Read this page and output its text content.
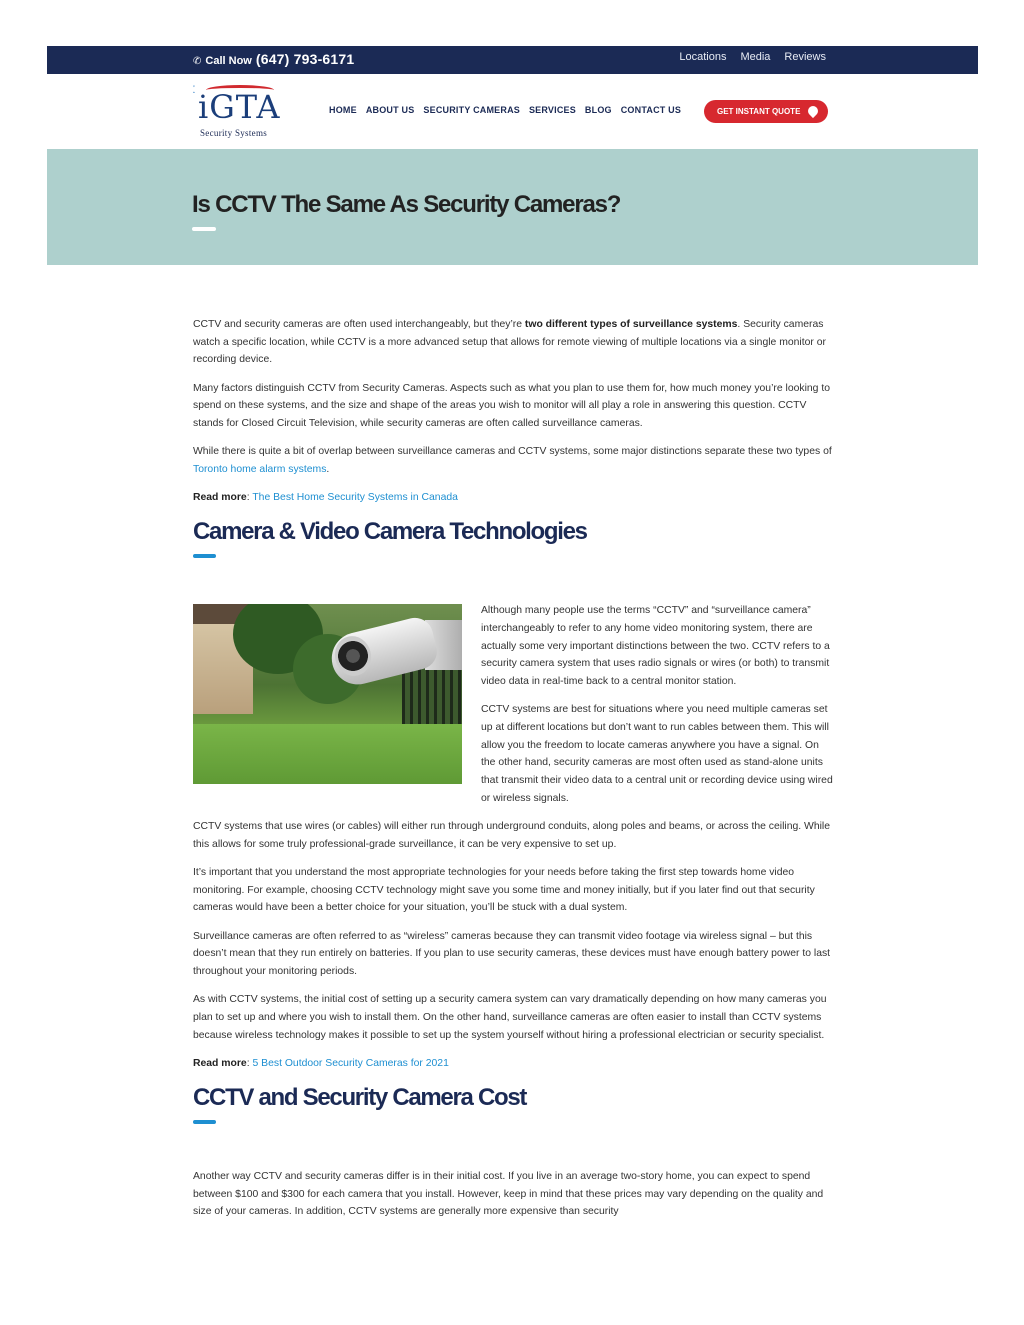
✆ Call Now (647) 793-6171	Locations Media Reviews
ː iGTA
Security Systems
HOME ABOUT US SECURITY CAMERAS SERVICES BLOG CONTACT US	GET INSTANT QUOTE
Is CCTV The Same As Security Cameras?

CCTV and security cameras are often used interchangeably, but they’re two different types of surveillance systems. Security cameras watch a specific location, while CCTV is a more advanced setup that allows for remote viewing of multiple locations via a single monitor or recording device.

Many factors distinguish CCTV from Security Cameras. Aspects such as what you plan to use them for, how much money you’re looking to spend on these systems, and the size and shape of the areas you wish to monitor will all play a role in answering this question. CCTV stands for Closed Circuit Television, while security cameras are often called surveillance cameras.

While there is quite a bit of overlap between surveillance cameras and CCTV systems, some major distinctions separate these two types of Toronto home alarm systems.

Read more: The Best Home Security Systems in Canada

Camera & Video Camera Technologies

Although many people use the terms “CCTV” and “surveillance camera” interchangeably to refer to any home video monitoring system, there are actually some very important distinctions between the two. CCTV refers to a security camera system that uses radio signals or wires (or both) to transmit video data in real-time back to a central monitor station.

CCTV systems are best for situations where you need multiple cameras set up at different locations but don’t want to run cables between them. This will allow you the freedom to locate cameras anywhere you have a signal. On the other hand, security cameras are most often used as stand-alone units that transmit their video data to a central unit or recording device using wired or wireless signals.

CCTV systems that use wires (or cables) will either run through underground conduits, along poles and beams, or across the ceiling. While this allows for some truly professional-grade surveillance, it can be very expensive to set up.

It’s important that you understand the most appropriate technologies for your needs before taking the first step towards home video monitoring. For example, choosing CCTV technology might save you some time and money initially, but if you later find out that security cameras would have been a better choice for your situation, you’ll be stuck with a dual system.

Surveillance cameras are often referred to as “wireless” cameras because they can transmit video footage via wireless signal – but this doesn’t mean that they run entirely on batteries. If you plan to use security cameras, these devices must have enough battery power to last throughout your monitoring periods.

As with CCTV systems, the initial cost of setting up a security camera system can vary dramatically depending on how many cameras you plan to set up and where you wish to install them. On the other hand, surveillance cameras are often easier to install than CCTV systems because wireless technology makes it possible to set up the system yourself without hiring a professional electrician or security specialist.

Read more: 5 Best Outdoor Security Cameras for 2021

CCTV and Security Camera Cost

Another way CCTV and security cameras differ is in their initial cost. If you live in an average two-story home, you can expect to spend between $100 and $300 for each camera that you install. However, keep in mind that these prices may vary depending on the quality and size of your cameras. In addition, CCTV systems are generally more expensive than security
